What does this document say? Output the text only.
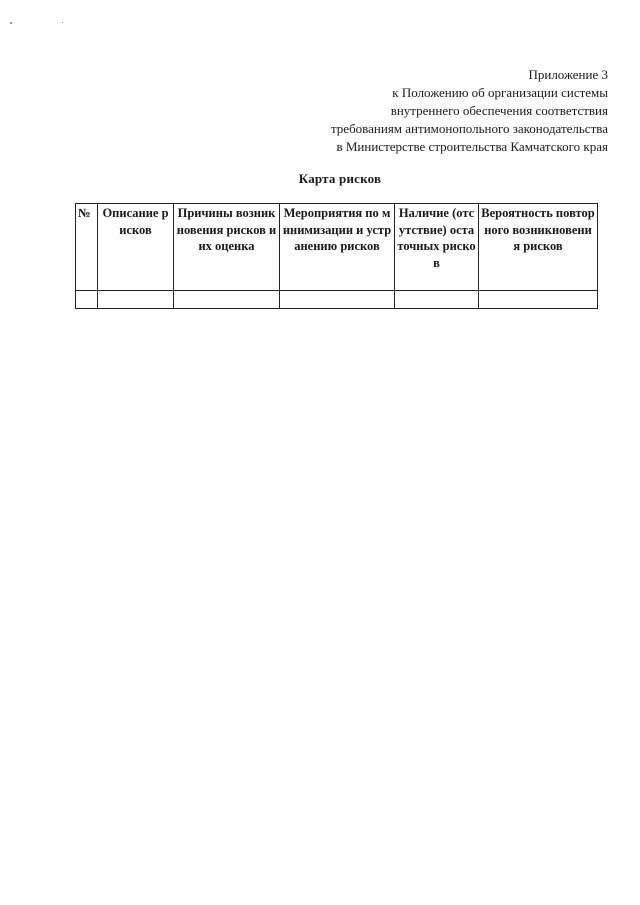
Приложение 3
к Положению об организации системы
внутреннего обеспечения соответствия
требованиям антимонопольного законодательства
в Министерстве строительства Камчатского края
Карта рисков
№	Описание рисков	Причины возникновения рисков и их оценка	Мероприятия по минимизации и устранению рисков	Наличие (отсутствие) остаточных рисков	Вероятность повторного возникновения рисков
